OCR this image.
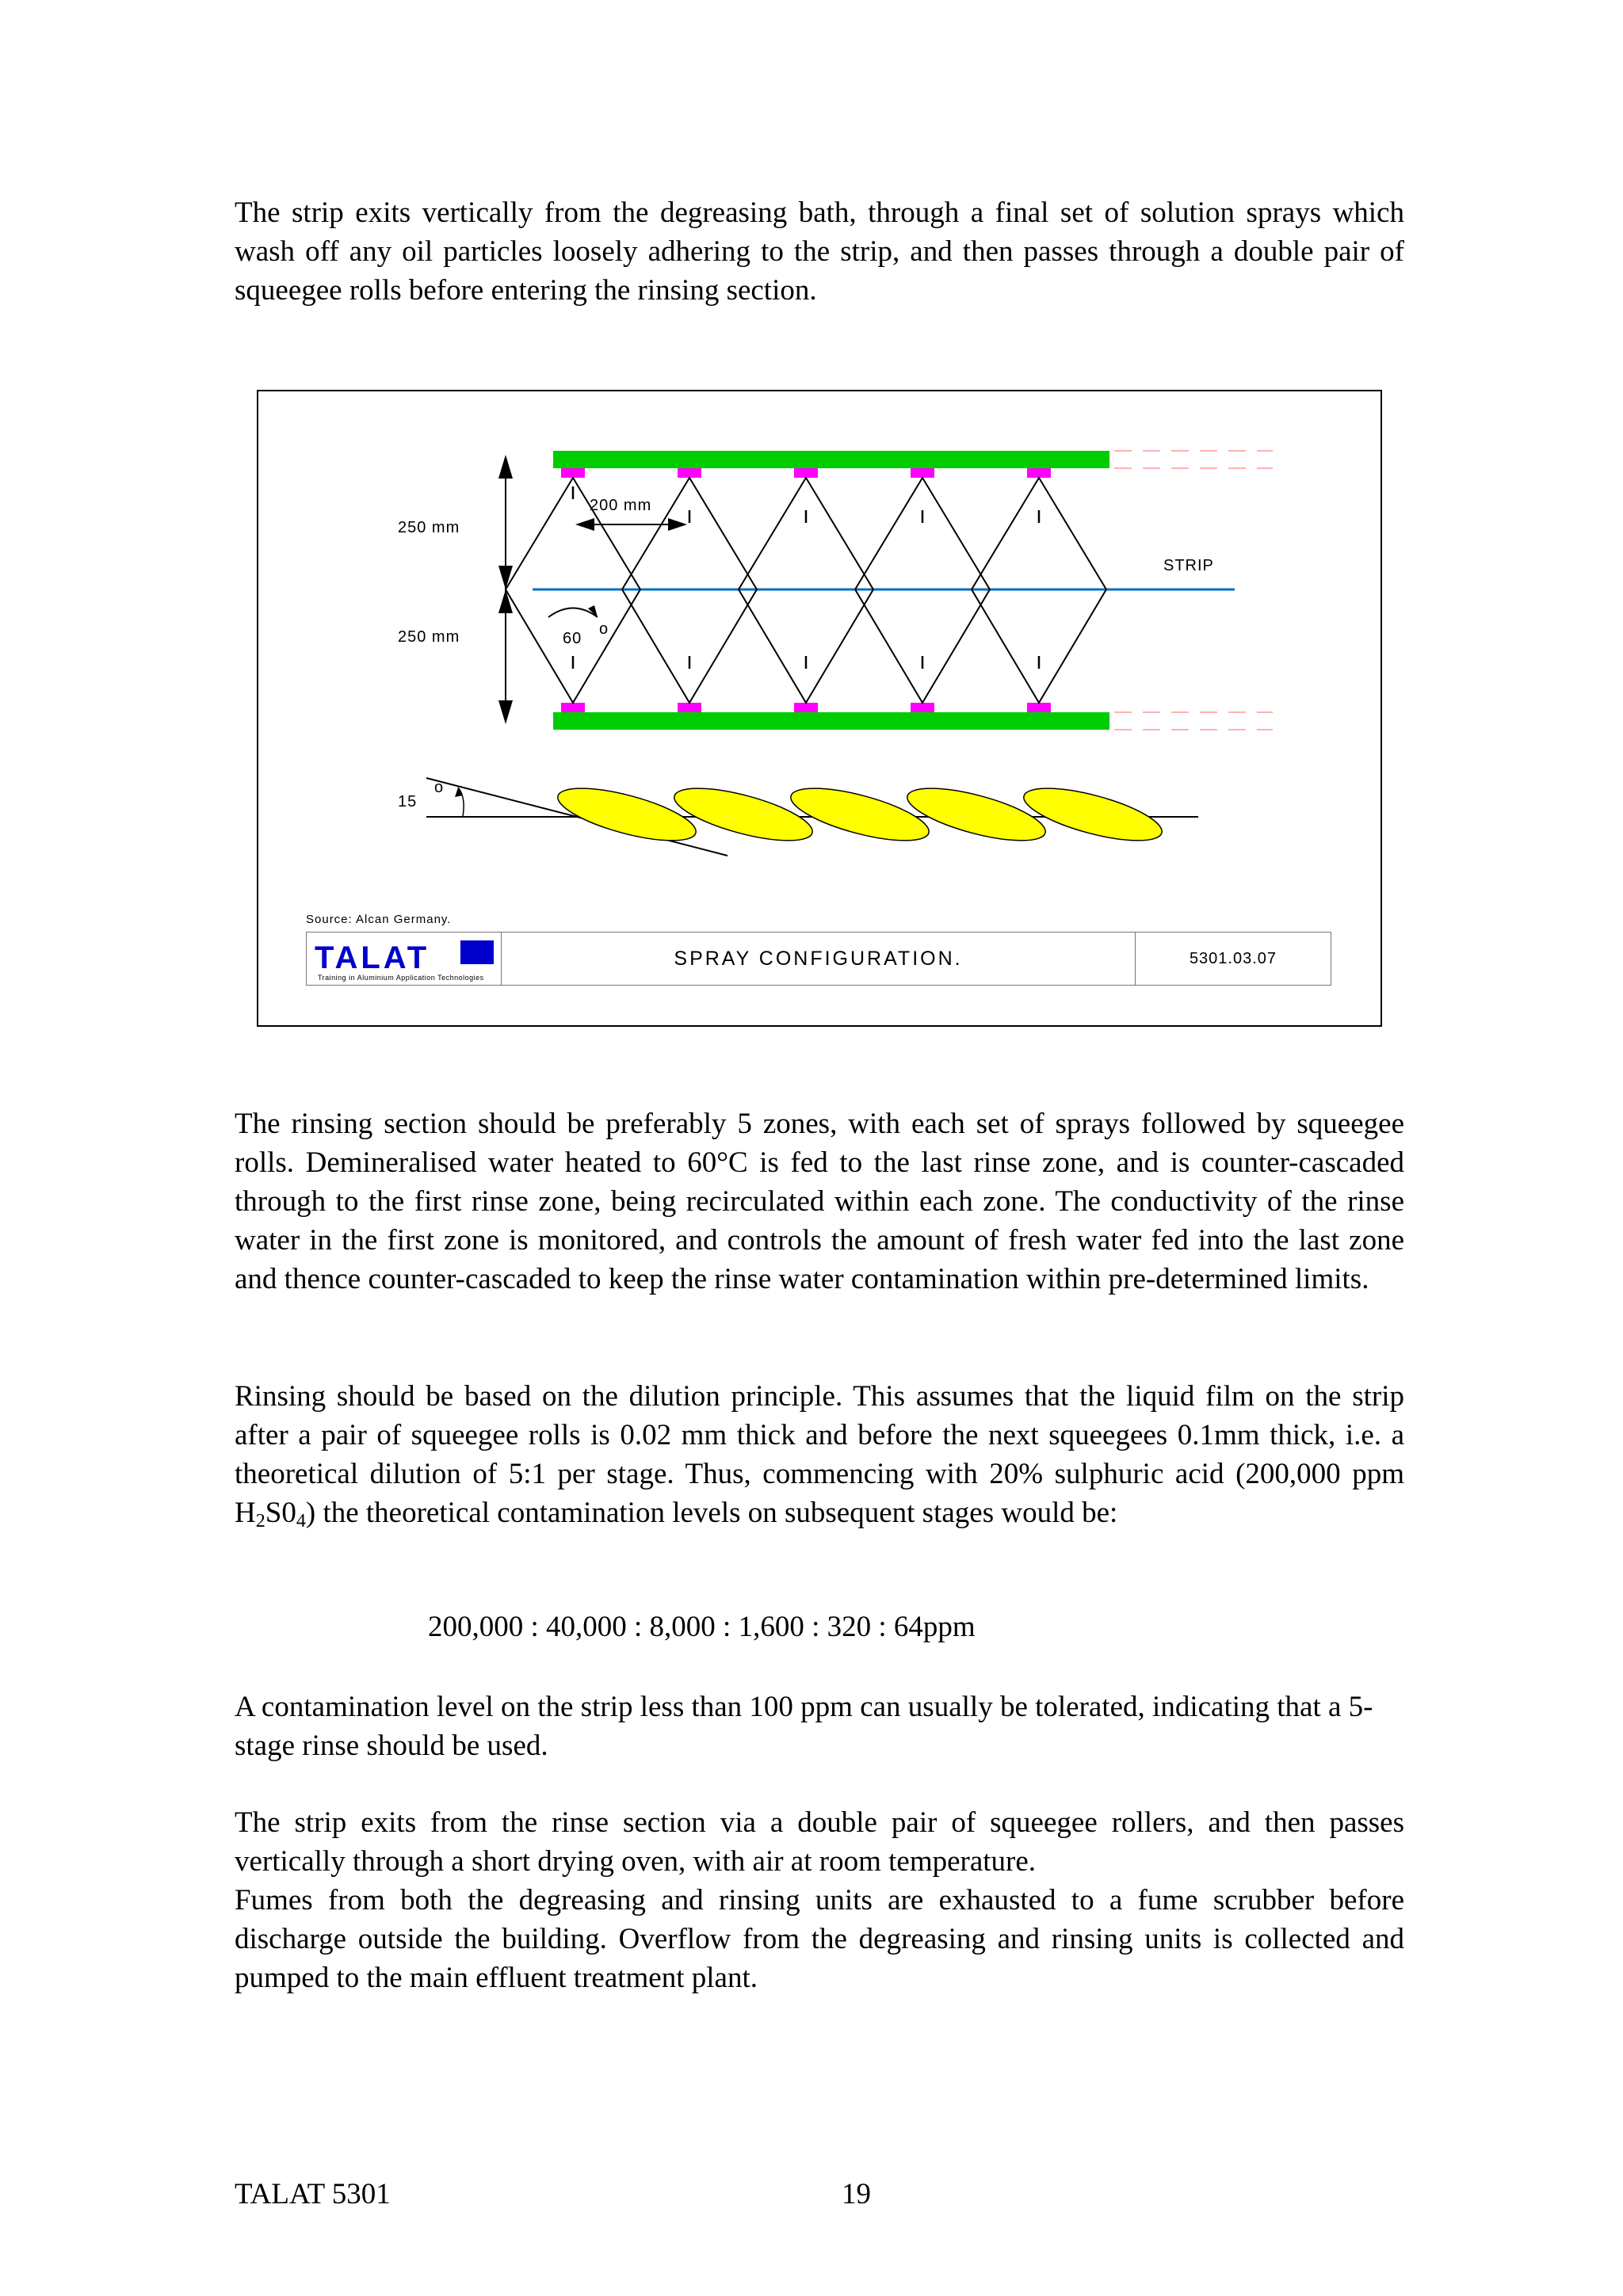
The strip exits vertically from the degreasing bath, through a final set of solution sprays which wash off any oil particles loosely adhering to the strip, and then passes through a double pair of squeegee rolls before entering the rinsing section.

250 mm
250 mm
200 mm
60
o
STRIP
15
o
Source: Alcan Germany.
TALAT
Training in Aluminium Application Technologies
SPRAY CONFIGURATION.	5301.03.07

The rinsing section should be preferably 5 zones, with each set of sprays followed by squeegee rolls. Demineralised water heated to 60°C is fed to the last rinse zone, and is counter-cascaded through to the first rinse zone, being recirculated within each zone. The conductivity of the rinse water in the first zone is monitored, and controls the amount of fresh water fed into the last zone and thence counter-cascaded to keep the rinse water contamination within pre-determined limits.

Rinsing should be based on the dilution principle. This assumes that the liquid film on the strip after a pair of squeegee rolls is 0.02 mm thick and before the next squeegees 0.1mm thick, i.e. a theoretical dilution of 5:1 per stage. Thus, commencing with 20% sulphuric acid (200,000 ppm $H_2S0_4$) the theoretical contamination levels on subsequent stages would be:

200,000 : 40,000 : 8,000 : 1,600 : 320 : 64ppm

A contamination level on the strip less than 100 ppm can usually be tolerated, indicating that a 5-stage rinse should be used.

The strip exits from the rinse section via a double pair of squeegee rollers, and then passes vertically through a short drying oven, with air at room temperature.

Fumes from both the degreasing and rinsing units are exhausted to a fume scrubber before discharge outside the building. Overflow from the degreasing and rinsing units is collected and pumped to the main effluent treatment plant.

TALAT 5301	19
